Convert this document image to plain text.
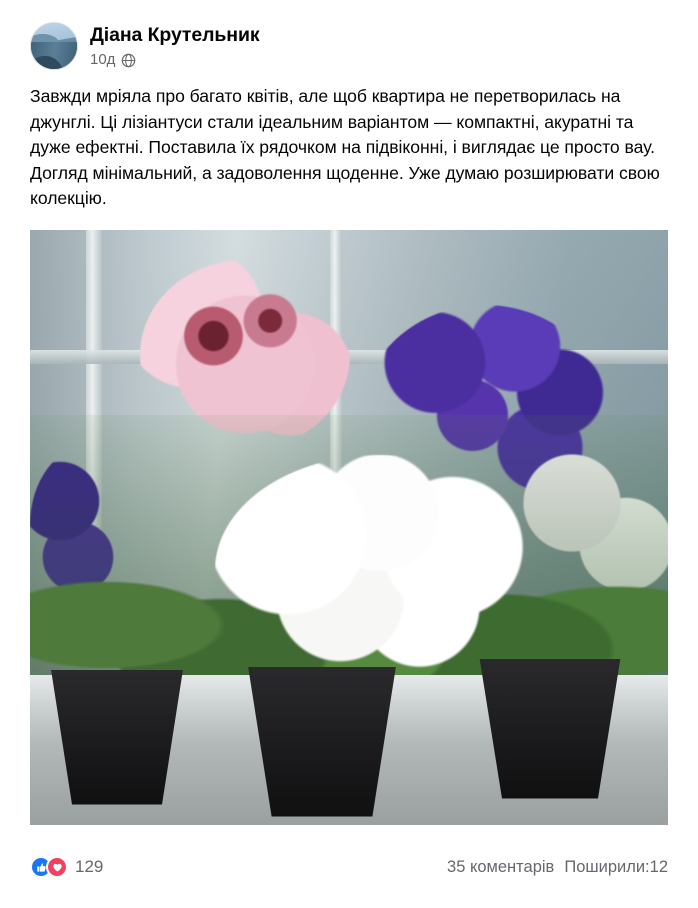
Діана Крутельник
10д
Завжди мріяла про багато квітів, але щоб квартира не перетворилась на джунглі. Ці лізіантуси стали ідеальним варіантом — компактні, акуратні та дуже ефектні. Поставила їх рядочком на підвіконні, і виглядає це просто вау. Догляд мінімальний, а задоволення щоденне. Уже думаю розширювати свою колекцію.
129	35 коментарів Поширили:12
